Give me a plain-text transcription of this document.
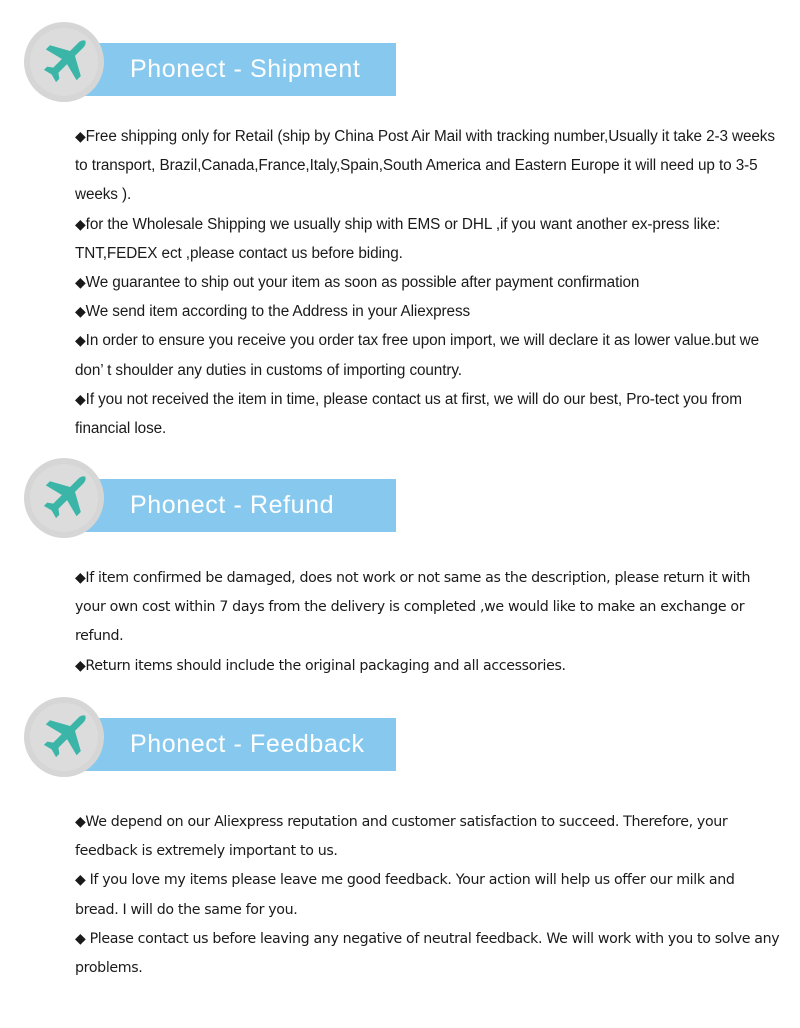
Phonect - Shipment

◆Free shipping only for Retail (ship by China Post Air Mail with tracking number,Usually it take 2-3 weeks to transport, Brazil,Canada,France,Italy,Spain,South America and Eastern Europe it will need up to 3-5 weeks ).

◆for the Wholesale Shipping we usually ship with EMS or DHL ,if you want another ex-press like: TNT,FEDEX ect ,please contact us before biding.

◆We guarantee to ship out your item as soon as possible after payment confirmation

◆We send item according to the Address in your Aliexpress

◆In order to ensure you receive you order tax free upon import, we will declare it as lower value.but we don’ t shoulder any duties in customs of importing country.

◆If you not received the item in time, please contact us at first, we will do our best, Pro-tect you from financial lose.

Phonect - Refund

◆If item confirmed be damaged, does not work or not same as the description, please return it with your own cost within 7 days from the delivery is completed ,we would like to make an exchange or refund.

◆Return items should include the original packaging and all accessories.

Phonect - Feedback

◆We depend on our Aliexpress reputation and customer satisfaction to succeed. Therefore, your feedback is extremely important to us.

◆ If you love my items please leave me good feedback. Your action will help us offer our milk and bread. I will do the same for you.

◆ Please contact us before leaving any negative of neutral feedback. We will work with you to solve any problems.
